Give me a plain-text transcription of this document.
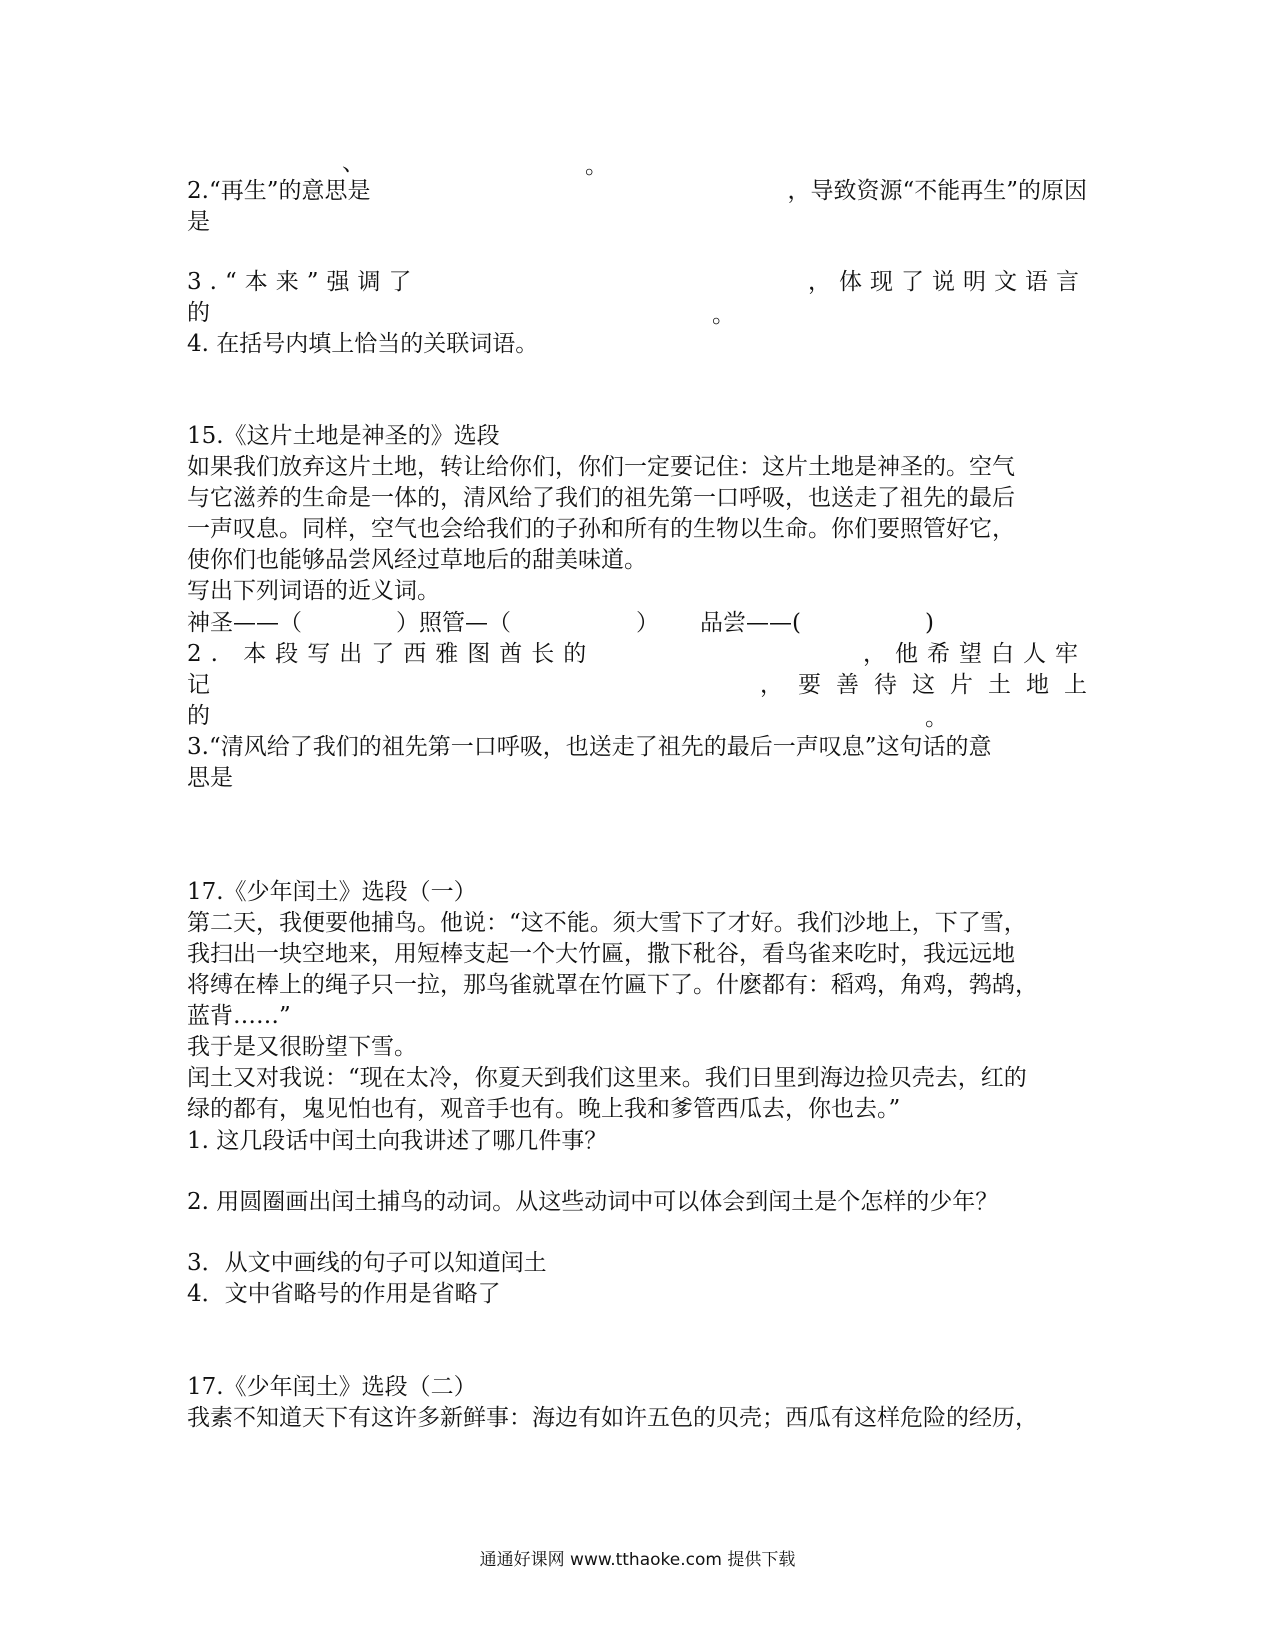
、	。
2.“再生”的意思是	，导致资源“不能再生”的原因
是
3.“本来”强调了	，体现了说明文语言
的	。
4. 在括号内填上恰当的关联词语。
15.《这片土地是神圣的》选段
如果我们放弃这片土地，转让给你们，你们一定要记住：这片土地是神圣的。空气
与它滋养的生命是一体的，清风给了我们的祖先第一口呼吸，也送走了祖先的最后
一声叹息。同样，空气也会给我们的子孙和所有的生物以生命。你们要照管好它，
使你们也能够品尝风经过草地后的甜美味道。
写出下列词语的近义词。
神圣——（	）照管—（	） 品尝——(	)
2. 本段写出了西雅图酋长的	，他希望白人牢
记	，要善待这片土地上
的	。
3.“清风给了我们的祖先第一口呼吸，也送走了祖先的最后一声叹息”这句话的意
思是
17.《少年闰土》选段（一）
第二天，我便要他捕鸟。他说：“这不能。须大雪下了才好。我们沙地上，下了雪，
我扫出一块空地来，用短棒支起一个大竹匾，撒下秕谷，看鸟雀来吃时，我远远地
将缚在棒上的绳子只一拉，那鸟雀就罩在竹匾下了。什麽都有：稻鸡，角鸡，鹁鸪，
蓝背……”
我于是又很盼望下雪。
闰土又对我说：“现在太冷，你夏天到我们这里来。我们日里到海边捡贝壳去，红的
绿的都有，鬼见怕也有，观音手也有。晚上我和爹管西瓜去，你也去。”
1. 这几段话中闰土向我讲述了哪几件事？
2. 用圆圈画出闰土捕鸟的动词。从这些动词中可以体会到闰土是个怎样的少年？
3．从文中画线的句子可以知道闰土
4．文中省略号的作用是省略了
17.《少年闰土》选段（二）
我素不知道天下有这许多新鲜事：海边有如许五色的贝壳；西瓜有这样危险的经历，
通通好课网 www.tthaoke.com 提供下载
